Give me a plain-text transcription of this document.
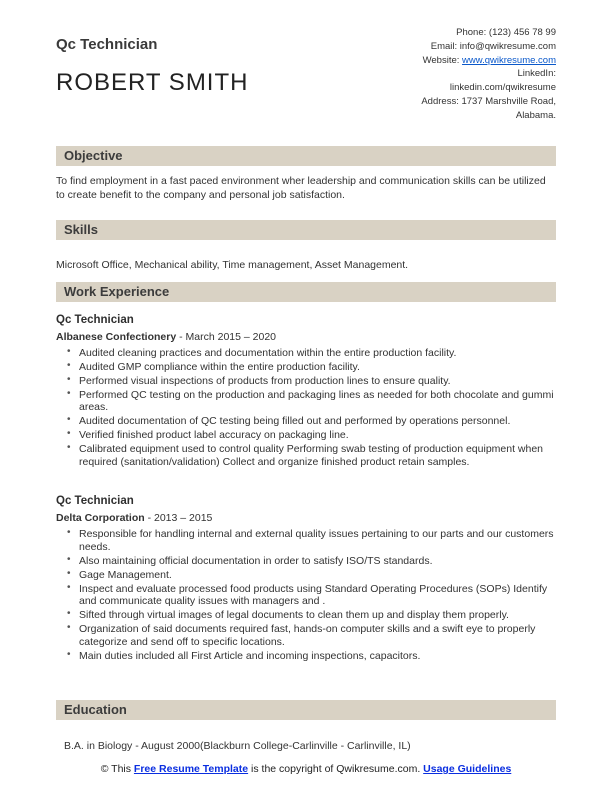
Qc Technician
ROBERT SMITH
Phone: (123) 456 78 99
Email: info@qwikresume.com
Website: www.qwikresume.com
LinkedIn:
linkedin.com/qwikresume
Address: 1737 Marshville Road,
Alabama.
Objective
To find employment in a fast paced environment wher leadership and communication skills can be utilized to create benefit to the company and personal job satisfaction.
Skills
Microsoft Office, Mechanical ability, Time management, Asset Management.
Work Experience
Qc Technician
Albanese Confectionery - March 2015 – 2020
• Audited cleaning practices and documentation within the entire production facility.
• Audited GMP compliance within the entire production facility.
• Performed visual inspections of products from production lines to ensure quality.
• Performed QC testing on the production and packaging lines as needed for both chocolate and gummi areas.
• Audited documentation of QC testing being filled out and performed by operations personnel.
• Verified finished product label accuracy on packaging line.
• Calibrated equipment used to control quality Performing swab testing of production equipment when required (sanitation/validation) Collect and organize finished product retain samples.
Qc Technician
Delta Corporation - 2013 – 2015
• Responsible for handling internal and external quality issues pertaining to our parts and our customers needs.
• Also maintaining official documentation in order to satisfy ISO/TS standards.
• Gage Management.
• Inspect and evaluate processed food products using Standard Operating Procedures (SOPs) Identify and communicate quality issues with managers and .
• Sifted through virtual images of legal documents to clean them up and display them properly.
• Organization of said documents required fast, hands-on computer skills and a swift eye to properly categorize and send off to specific locations.
• Main duties included all First Article and incoming inspections, capacitors.
Education
B.A. in Biology - August 2000(Blackburn College-Carlinville - Carlinville, IL)
© This Free Resume Template is the copyright of Qwikresume.com. Usage Guidelines
